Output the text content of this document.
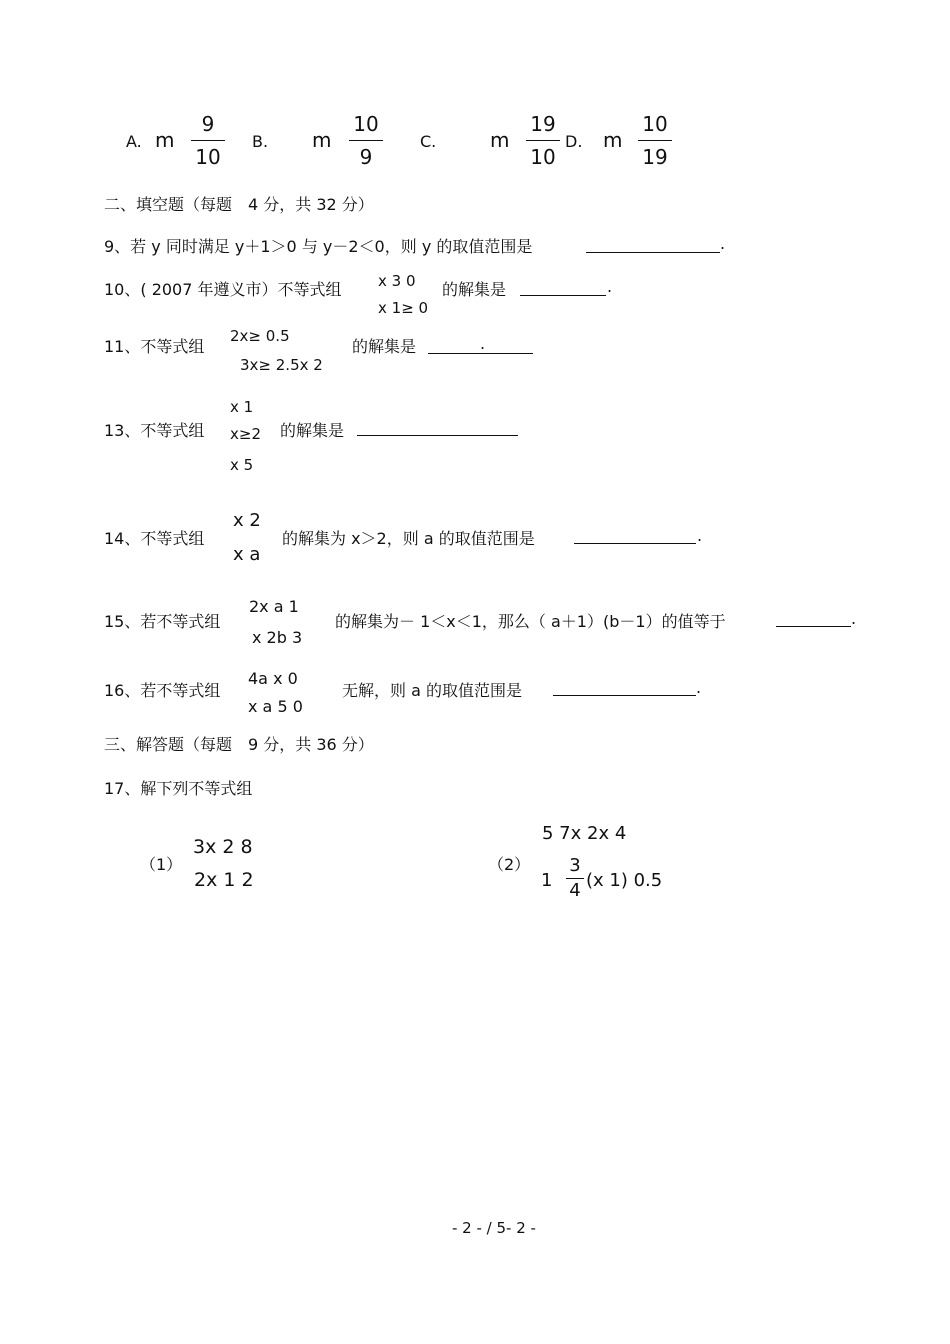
A. m
9
10
B. m
10
9
C.	m
19
10
D. m
10
19
二、填空题（每题　4 分，共 32 分）
9、若 y 同时满足 y＋1＞0 与 y－2＜0，则 y 的取值范围是	.
10、( 2007 年遵义市）不等式组 x 3 0
x 1≥ 0
的解集是	.
11、不等式组
2x≥ 0.5
3x≥ 2.5x 2
的解集是	.
13、不等式组
x 1
x≥2
x 5
的解集是
14、不等式组
x 2
x a
的解集为 x＞2，则 a 的取值范围是	.
15、若不等式组
2x a 1
x 2b 3
的解集为－ 1＜x＜1，那么（ a＋1）(b－1）的值等于	.
16、若不等式组
4a x 0
x a 5 0
无解，则 a 的取值范围是	.
三、解答题（每题　9 分，共 36 分）
17、解下列不等式组
（1）
3x 2 8
2x 1 2
（2）
5 7x 2x 4
1
3
4 (x 1) 0.5
- 2 - / 5- 2 -
